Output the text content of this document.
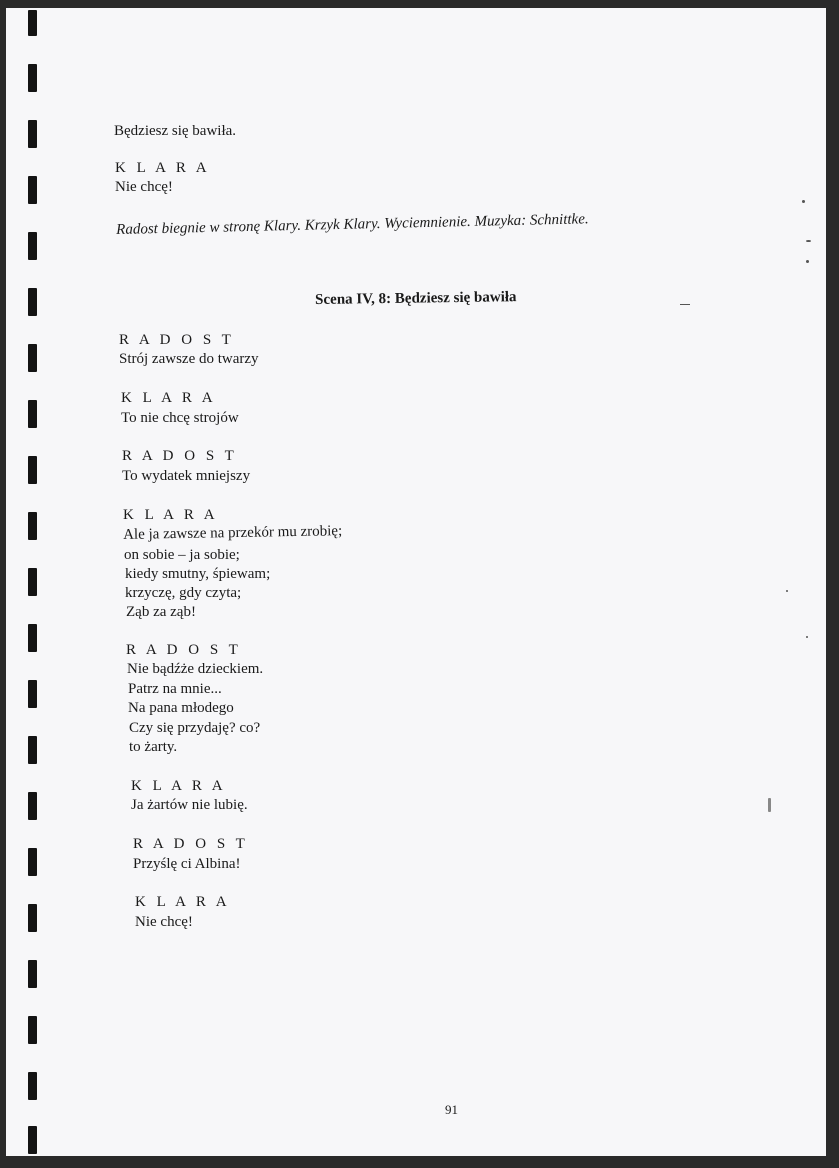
Będziesz się bawiła.
K L A R A
Nie chcę!
Radost biegnie w stronę Klary. Krzyk Klary. Wyciemnienie. Muzyka: Schnittke.
Scena IV, 8: Będziesz się bawiła
R A D O S T
Strój zawsze do twarzy
K L A R A
To nie chcę strojów
R A D O S T
To wydatek mniejszy
K L A R A
Ale ja zawsze na przekór mu zrobię;
on sobie – ja sobie;
kiedy smutny, śpiewam;
krzyczę, gdy czyta;
Ząb za ząb!
R A D O S T
Nie bądźże dzieckiem.
Patrz na mnie...
Na pana młodego
Czy się przydaję? co?
to żarty.
K L A R A
Ja żartów nie lubię.
R A D O S T
Przyślę ci Albina!
K L A R A
Nie chcę!
91
